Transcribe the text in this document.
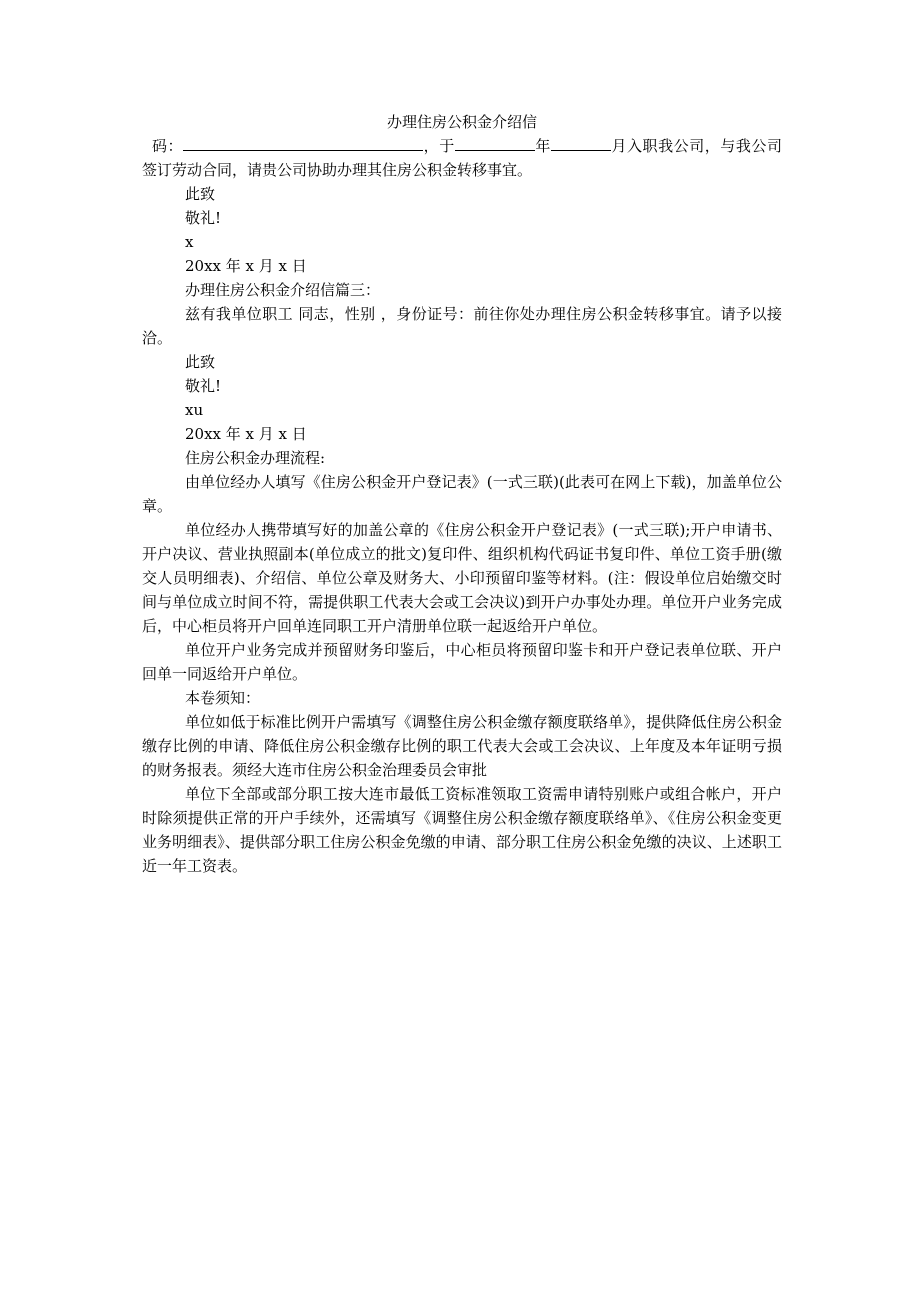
办理住房公积金介绍信

码：	，于	年	月入职我公司，与我公司签订劳动合同，请贵公司协助办理其住房公积金转移事宜。

此致

敬礼!

x

20xx 年 x 月 x 日

办理住房公积金介绍信篇三：

兹有我单位职工 同志，性别 ，身份证号：前往你处办理住房公积金转移事宜。请予以接洽。

此致

敬礼!

xu

20xx 年 x 月 x 日

住房公积金办理流程:

由单位经办人填写《住房公积金开户登记表》(一式三联)(此表可在网上下载)，加盖单位公章。

单位经办人携带填写好的加盖公章的《住房公积金开户登记表》(一式三联);开户申请书、开户决议、营业执照副本(单位成立的批文)复印件、组织机构代码证书复印件、单位工资手册(缴交人员明细表)、介绍信、单位公章及财务大、小印预留印鉴等材料。(注：假设单位启始缴交时间与单位成立时间不符，需提供职工代表大会或工会决议)到开户办事处办理。单位开户业务完成后，中心柜员将开户回单连同职工开户清册单位联一起返给开户单位。

单位开户业务完成并预留财务印鉴后，中心柜员将预留印鉴卡和开户登记表单位联、开户回单一同返给开户单位。

本卷须知：

单位如低于标准比例开户需填写《调整住房公积金缴存额度联络单》，提供降低住房公积金缴存比例的申请、降低住房公积金缴存比例的职工代表大会或工会决议、上年度及本年证明亏损的财务报表。须经大连市住房公积金治理委员会审批

单位下全部或部分职工按大连市最低工资标准领取工资需申请特别账户或组合帐户，开户时除须提供正常的开户手续外，还需填写《调整住房公积金缴存额度联络单》、《住房公积金变更业务明细表》、提供部分职工住房公积金免缴的申请、部分职工住房公积金免缴的决议、上述职工近一年工资表。
